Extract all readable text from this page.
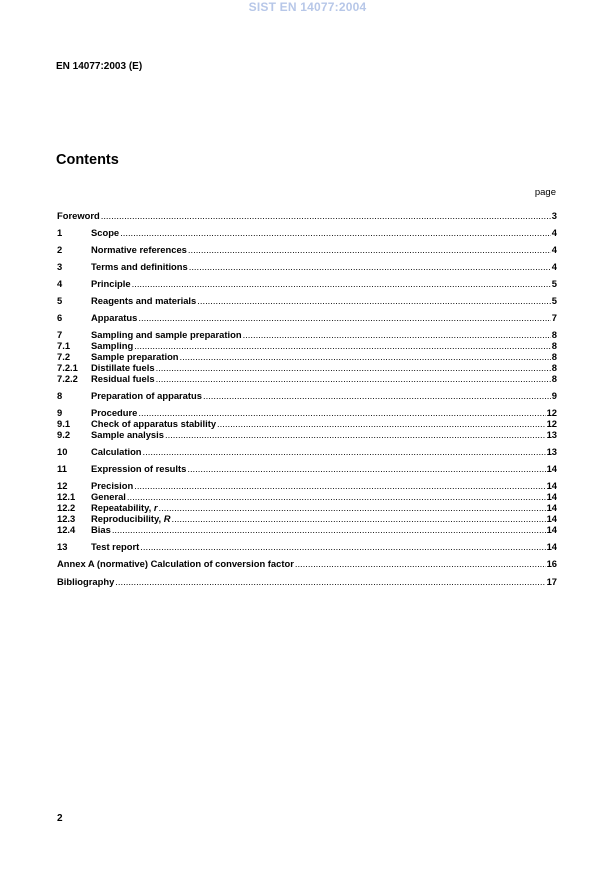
SIST EN 14077:2004
EN 14077:2003 (E)
Contents
page
Foreword .....	3
1	Scope .....	4
2	Normative references .....	4
3	Terms and definitions .....	4
4	Principle .....	5
5	Reagents and materials .....	5
6	Apparatus .....	7
7	Sampling and sample preparation .....	8
7.1	Sampling .....	8
7.2	Sample preparation .....	8
7.2.1	Distillate fuels .....	8
7.2.2	Residual fuels .....	8
8	Preparation of apparatus .....	9
9	Procedure .....	12
9.1	Check of apparatus stability .....	12
9.2	Sample analysis .....	13
10	Calculation .....	13
11	Expression of results .....	14
12	Precision .....	14
12.1	General .....	14
12.2	Repeatability, r .....	14
12.3	Reproducibility, R .....	14
12.4	Bias .....	14
13	Test report .....	14
Annex A (normative) Calculation of conversion factor .....	16
Bibliography .....	17
2
